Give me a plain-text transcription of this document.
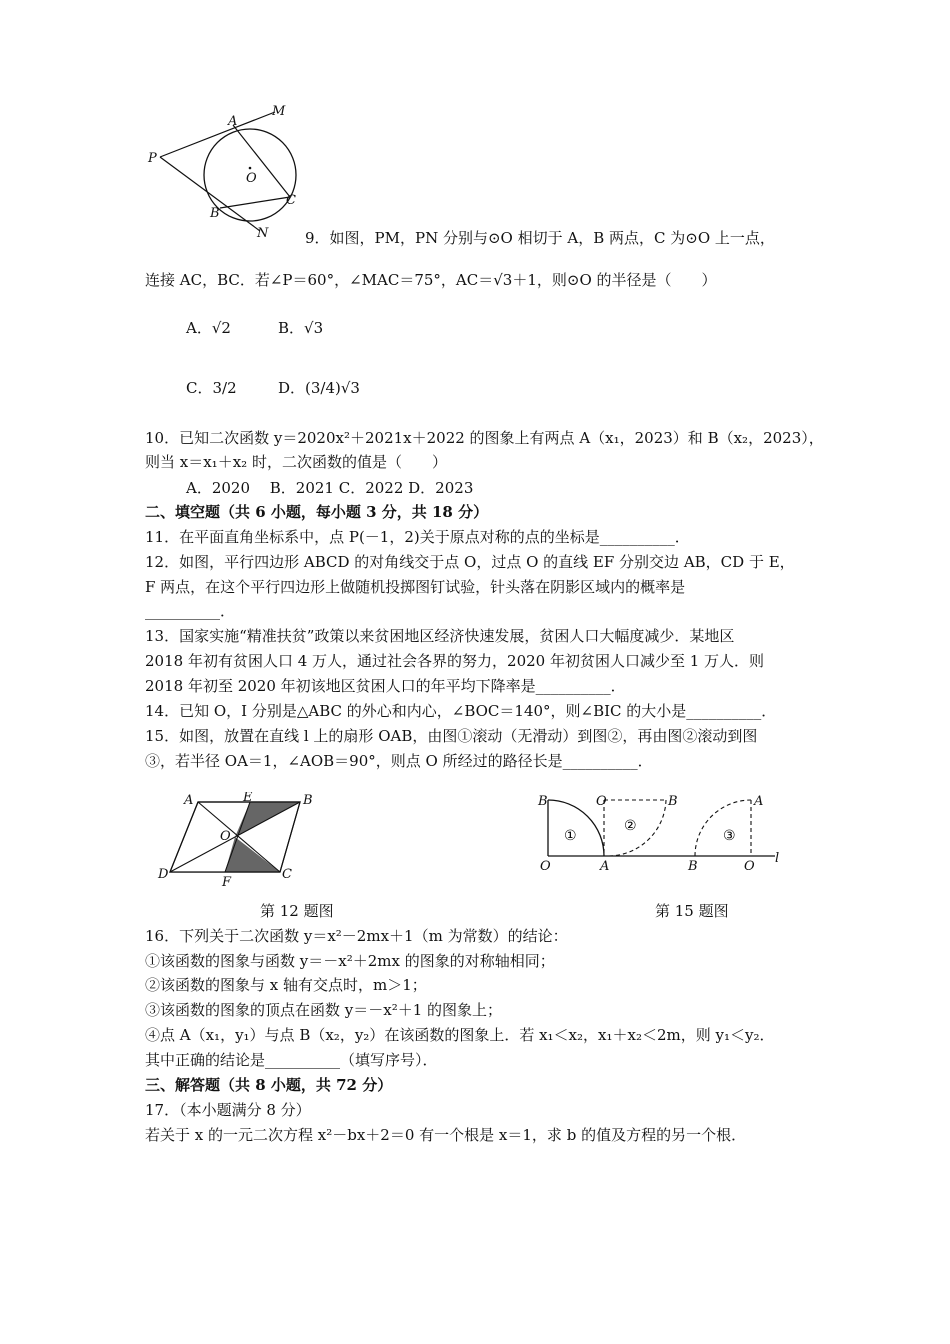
A
M
P
O
B
C
N 9．如图，PM，PN 分别与⊙O 相切于 A，B 两点，C 为⊙O 上一点，
连接 AC，BC．若∠P＝60°，∠MAC＝75°，AC＝√3＋1，则⊙O 的半径是（　　）
A．√2	B．√3
C．3/2	D．(3/4)√3
10．已知二次函数 y＝2020x²＋2021x＋2022 的图象上有两点 A（x₁，2023）和 B（x₂，2023），
则当 x＝x₁＋x₂ 时，二次函数的值是（　　）
A．2020　 B．2021 C．2022 D．2023
二、填空题（共 6 小题，每小题 3 分，共 18 分）
11．在平面直角坐标系中，点 P(－1，2)关于原点对称的点的坐标是__________．
12．如图，平行四边形 ABCD 的对角线交于点 O，过点 O 的直线 EF 分别交边 AB，CD 于 E，
F 两点，在这个平行四边形上做随机投掷图钉试验，针头落在阴影区域内的概率是
__________．
13．国家实施“精准扶贫”政策以来贫困地区经济快速发展，贫困人口大幅度减少．某地区
2018 年初有贫困人口 4 万人，通过社会各界的努力，2020 年初贫困人口减少至 1 万人．则
2018 年初至 2020 年初该地区贫困人口的年平均下降率是__________．
14．已知 O，I 分别是△ABC 的外心和内心，∠BOC＝140°，则∠BIC 的大小是__________．
15．如图，放置在直线 l 上的扇形 OAB，由图①滚动（无滑动）到图②，再由图②滚动到图
③，若半径 OA＝1，∠AOB＝90°，则点 O 所经过的路径长是__________．
A	E	B
O
D
F
C
B
O
O	B
A	B
A
O
l
①
②
③
第 12 题图	第 15 题图
16．下列关于二次函数 y＝x²－2mx＋1（m 为常数）的结论：
①该函数的图象与函数 y＝－x²＋2mx 的图象的对称轴相同；
②该函数的图象与 x 轴有交点时，m＞1；
③该函数的图象的顶点在函数 y＝－x²＋1 的图象上；
④点 A（x₁，y₁）与点 B（x₂，y₂）在该函数的图象上．若 x₁＜x₂，x₁＋x₂＜2m，则 y₁＜y₂．
其中正确的结论是__________（填写序号）．
三、解答题（共 8 小题，共 72 分）
17．（本小题满分 8 分）
若关于 x 的一元二次方程 x²－bx＋2＝0 有一个根是 x＝1，求 b 的值及方程的另一个根．
